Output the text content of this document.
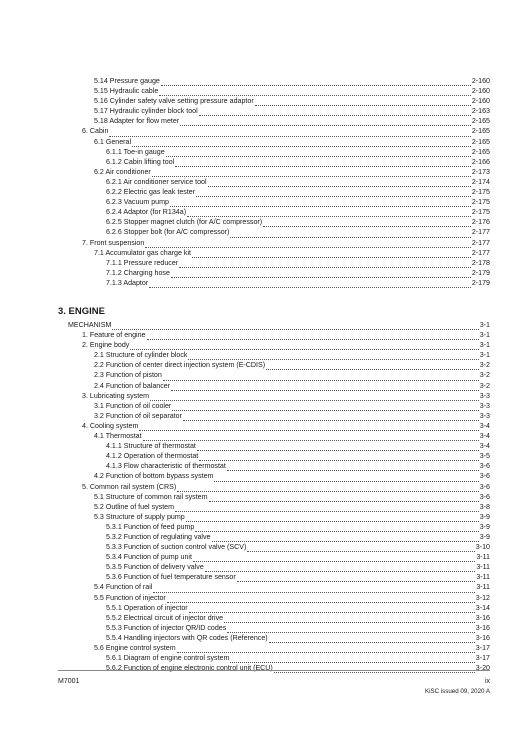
5.14 Pressure gauge	2-160
5.15 Hydraulic cable	2-160
5.16 Cylinder safety valve setting pressure adaptor	2-160
5.17 Hydraulic cylinder block tool	2-163
5.18 Adapter for flow meter	2-165
6. Cabin	2-165
6.1 General	2-165
6.1.1 Toe-in gauge	2-165
6.1.2 Cabin lifting tool	2-166
6.2 Air conditioner	2-173
6.2.1 Air conditioner service tool	2-174
6.2.2 Electric gas leak tester	2-175
6.2.3 Vacuum pump	2-175
6.2.4 Adaptor (for R134a)	2-175
6.2.5 Stopper magnet clutch (for A/C compressor)	2-176
6.2.6 Stopper bolt (for A/C compressor)	2-177
7. Front suspension	2-177
7.1 Accumulator gas charge kit	2-177
7.1.1 Pressure reducer	2-178
7.1.2 Charging hose	2-179
7.1.3 Adaptor	2-179
3. ENGINE
MECHANISM	3-1
1. Feature of engine	3-1
2. Engine body	3-1
2.1 Structure of cylinder block	3-1
2.2 Function of center direct injection system (E-CDIS)	3-2
2.3 Function of piston	3-2
2.4 Function of balancer	3-2
3. Lubricating system	3-3
3.1 Function of oil cooler	3-3
3.2 Function of oil separator	3-3
4. Cooling system	3-4
4.1 Thermostat	3-4
4.1.1 Structure of thermostat	3-4
4.1.2 Operation of thermostat	3-5
4.1.3 Flow characteristic of thermostat	3-6
4.2 Function of bottom bypass system	3-6
5. Common rail system (CRS)	3-6
5.1 Structure of common rail system	3-6
5.2 Outline of fuel system	3-8
5.3 Structure of supply pump	3-9
5.3.1 Function of feed pump	3-9
5.3.2 Function of regulating valve	3-9
5.3.3 Function of suction control valve (SCV)	3-10
5.3.4 Function of pump unit	3-11
5.3.5 Function of delivery valve	3-11
5.3.6 Function of fuel temperature sensor	3-11
5.4 Function of rail	3-11
5.5 Function of injector	3-12
5.5.1 Operation of injector	3-14
5.5.2 Electrical circuit of injector drive	3-16
5.5.3 Function of injector QR/ID codes	3-16
5.5.4 Handling injectors with QR codes (Reference)	3-16
5.6 Engine control system	3-17
5.6.1 Diagram of engine control system	3-17
5.6.2 Function of engine electronic control unit (ECU)	3-20
M7001	ix
KiSC issued 09, 2020 A
